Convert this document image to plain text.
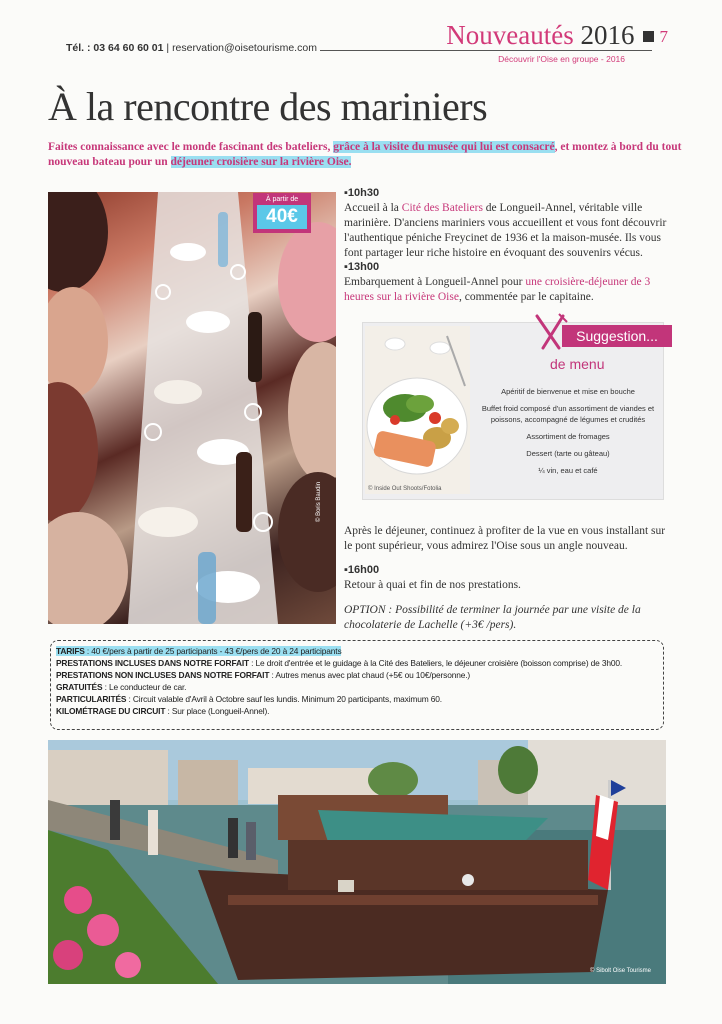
Tél. : 03 64 60 60 01 | reservation@oisetourisme.com	Nouveautés 2016 7
Découvrir l'Oise en groupe - 2016
À la rencontre des mariniers
Faites connaissance avec le monde fascinant des bateliers, grâce à la visite du musée qui lui est consacré, et montez à bord du tout nouveau bateau pour un déjeuner croisière sur la rivière Oise.
© Boris Baudin
À partir de
40€
▪10h30
Accueil à la Cité des Bateliers de Longueil-Annel, véritable ville marinière. D'anciens mariniers vous accueillent et vous font découvrir l'authentique péniche Freycinet de 1936 et la maison-musée. Ils vous font partager leur riche histoire en évoquant des souvenirs vécus.
▪13h00
Embarquement à Longueil-Annel pour une croisière-déjeuner de 3 heures sur la rivière Oise, commentée par le capitaine.
Suggestion...
de menu
Apéritif de bienvenue et mise en bouche
Buffet froid composé d'un assortiment de viandes et poissons, accompagné de légumes et crudités
Assortiment de fromages
Dessert (tarte ou gâteau)
¼ vin, eau et café
© Inside Out Shoots/Fotolia
Après le déjeuner, continuez à profiter de la vue en vous installant sur le pont supérieur, vous admirez l'Oise sous un angle nouveau.
▪16h00
Retour à quai et fin de nos prestations.
OPTION : Possibilité de terminer la journée par une visite de la chocolaterie de Lachelle (+3€ /pers).
TARIFS : 40 €/pers à partir de 25 participants - 43 €/pers de 20 à 24 participants
PRESTATIONS INCLUSES DANS NOTRE FORFAIT : Le droit d'entrée et le guidage à la Cité des Bateliers, le déjeuner croisière (boisson comprise) de 3h00.
PRESTATIONS NON INCLUSES DANS NOTRE FORFAIT : Autres menus avec plat chaud (+5€ ou 10€/personne.)
GRATUITÉS : Le conducteur de car.
PARTICULARITÉS : Circuit valable d'Avril à Octobre sauf les lundis. Minimum 20 participants, maximum 60.
KILOMÉTRAGE DU CIRCUIT : Sur place (Longueil-Annel).
© Sibolt Oise Tourisme
